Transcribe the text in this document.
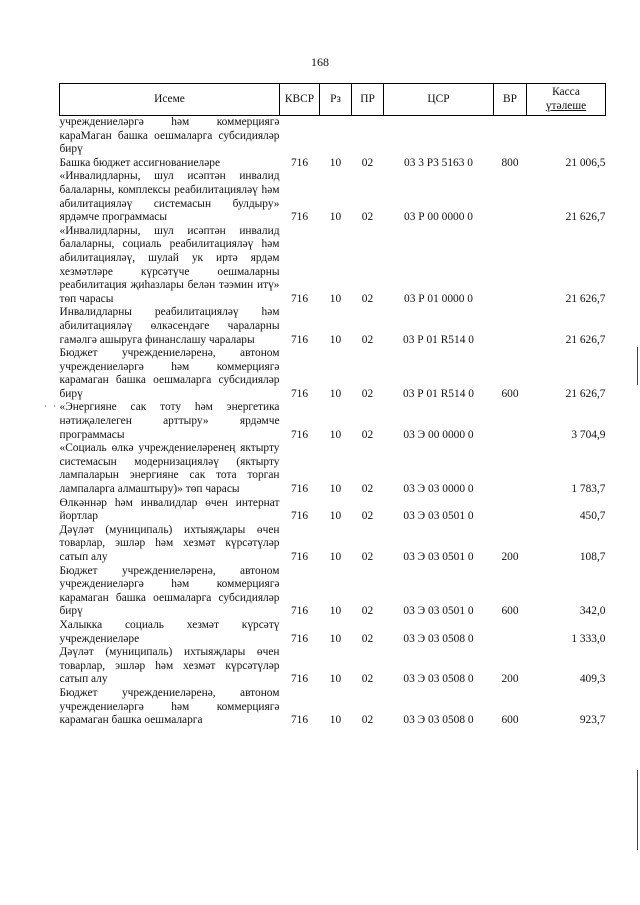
168
· ·
Исеме	КВСР	Рз	ПР	ЦСР	ВР	Касса
үтәлеше

учреждениеләргә һәм коммерциягә караМаган башка оешмаларга субсидияләр бирү						

Башка бюджет ассигнованиеләре	716	10	02	03 3 Р3 5163 0	800	21 006,5

«Инвалидларны, шул исәптән инвалид балаларны, комплексы реабилитацияләү һәм абилитацияләү системасын булдыру» ярдәмче программасы	716	10	02	03 Р 00 0000 0		21 626,7

«Инвалидларны, шул исәптән инвалид балаларны, социаль реабилитацияләү һәм абилитацияләү, шулай ук иртә ярдәм хезмәтләре күрсәтүче оешмаларны реабилитация җиһазлары белән тәэмин итү» төп чарасы	716	10	02	03 Р 01 0000 0		21 626,7

Инвалидларны реабилитацияләү һәм абилитацияләү өлкәсендәге чараларны гамәлгә ашыруга финанслашу чаралары	716	10	02	03 Р 01 R514 0		21 626,7

Бюджет учреждениеләренә, автоном учреждениеләргә һәм коммерциягә карамаган башка оешмаларга субсидияләр бирү	716	10	02	03 Р 01 R514 0	600	21 626,7

«Энергияне сак тоту һәм энергетика нәтиҗәлелеген арттыру» ярдәмче программасы	716	10	02	03 Э 00 0000 0		3 704,9

«Социаль өлкә учреждениеләренең яктырту системасын модернизацияләү (яктырту лампаларын энергияне сак тота торган лампаларга алмаштыру)» төп чарасы	716	10	02	03 Э 03 0000 0		1 783,7

Өлкәннәр һәм инвалидлар өчен интернат йортлар	716	10	02	03 Э 03 0501 0		450,7

Дәүләт (муниципаль) ихтыяҗлары өчен товарлар, эшләр һәм хезмәт күрсәтүләр сатып алу	716	10	02	03 Э 03 0501 0	200	108,7

Бюджет учреждениеләренә, автоном учреждениеләргә һәм коммерциягә карамаган башка оешмаларга субсидияләр бирү	716	10	02	03 Э 03 0501 0	600	342,0

Халыкка социаль хезмәт күрсәтү учреждениеләре	716	10	02	03 Э 03 0508 0		1 333,0

Дәүләт (муниципаль) ихтыяҗлары өчен товарлар, эшләр һәм хезмәт күрсәтүләр сатып алу	716	10	02	03 Э 03 0508 0	200	409,3

Бюджет учреждениеләренә, автоном учреждениеләргә һәм коммерциягә карамаган башка оешмаларга	716	10	02	03 Э 03 0508 0	600	923,7
